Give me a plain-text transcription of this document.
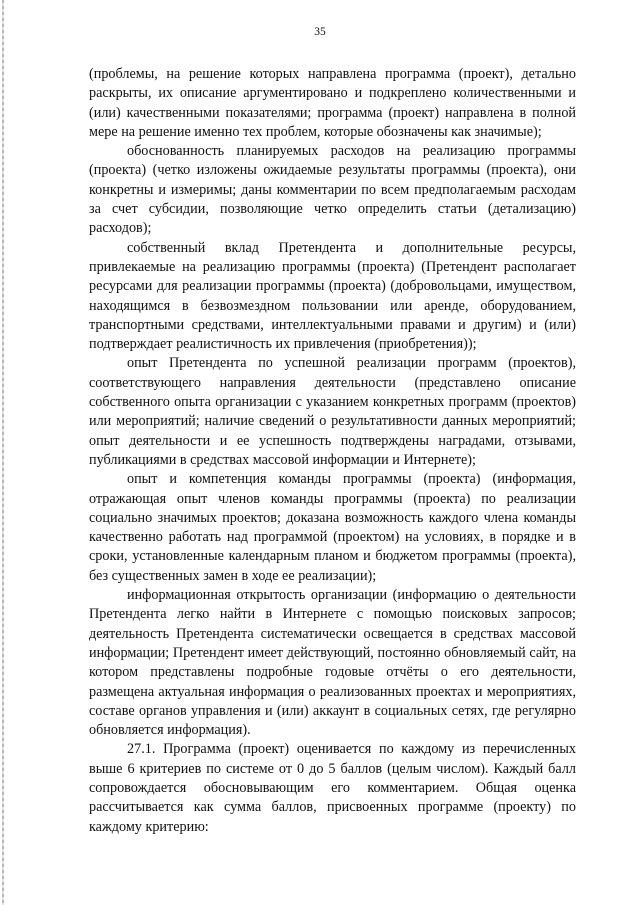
35

(проблемы, на решение которых направлена программа (проект), детально раскрыты, их описание аргументировано и подкреплено количественными и (или) качественными показателями; программа (проект) направлена в полной мере на решение именно тех проблем, которые обозначены как значимые);

обоснованность планируемых расходов на реализацию программы (проекта) (четко изложены ожидаемые результаты программы (проекта), они конкретны и измеримы; даны комментарии по всем предполагаемым расходам за счет субсидии, позволяющие четко определить статьи (детализацию) расходов);

собственный вклад Претендента и дополнительные ресурсы, привлекаемые на реализацию программы (проекта) (Претендент располагает ресурсами для реализации программы (проекта) (добровольцами, имуществом, находящимся в безвозмездном пользовании или аренде, оборудованием, транспортными средствами, интеллектуальными правами и другим) и (или) подтверждает реалистичность их привлечения (приобретения));

опыт Претендента по успешной реализации программ (проектов), соответствующего направления деятельности (представлено описание собственного опыта организации с указанием конкретных программ (проектов) или мероприятий; наличие сведений о результативности данных мероприятий; опыт деятельности и ее успешность подтверждены наградами, отзывами, публикациями в средствах массовой информации и Интернете);

опыт и компетенция команды программы (проекта) (информация, отражающая опыт членов команды программы (проекта) по реализации социально значимых проектов; доказана возможность каждого члена команды качественно работать над программой (проектом) на условиях, в порядке и в сроки, установленные календарным планом и бюджетом программы (проекта), без существенных замен в ходе ее реализации);

информационная открытость организации (информацию о деятельности Претендента легко найти в Интернете с помощью поисковых запросов; деятельность Претендента систематически освещается в средствах массовой информации; Претендент имеет действующий, постоянно обновляемый сайт, на котором представлены подробные годовые отчёты о его деятельности, размещена актуальная информация о реализованных проектах и мероприятиях, составе органов управления и (или) аккаунт в социальных сетях, где регулярно обновляется информация).

27.1. Программа (проект) оценивается по каждому из перечисленных выше 6 критериев по системе от 0 до 5 баллов (целым числом). Каждый балл сопровождается обосновывающим его комментарием. Общая оценка рассчитывается как сумма баллов, присвоенных программе (проекту) по каждому критерию:
